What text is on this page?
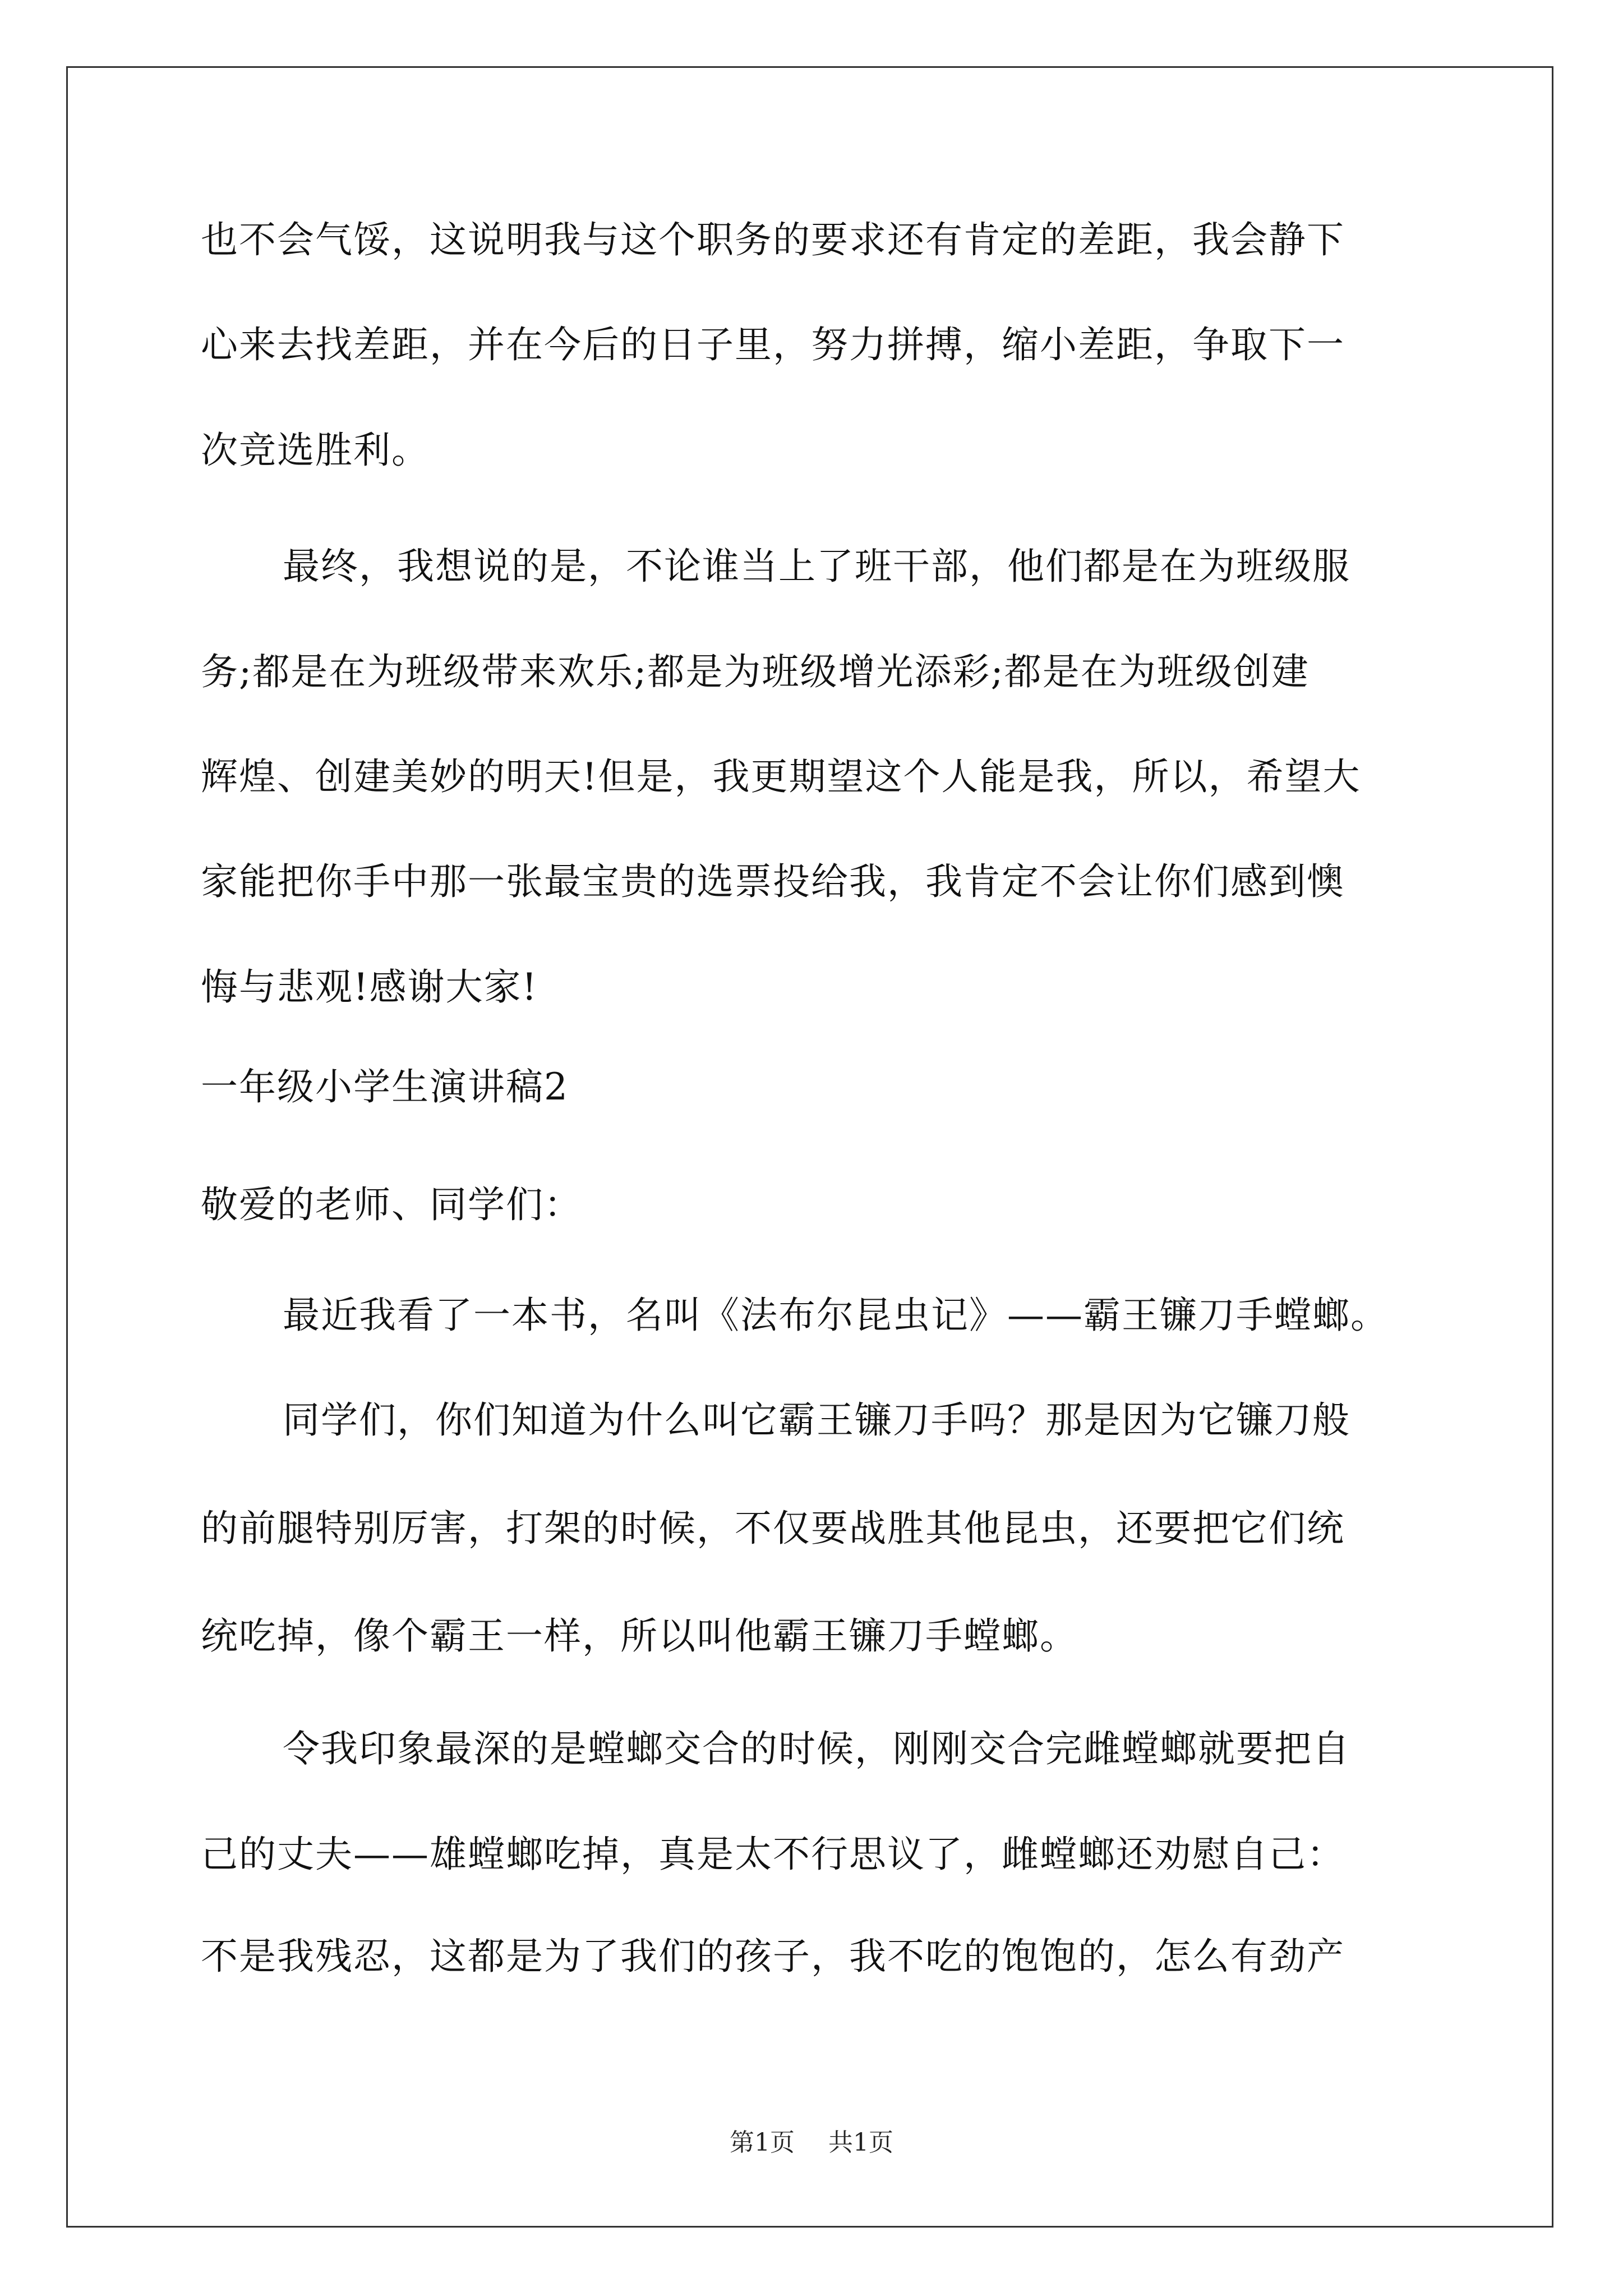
也不会气馁，这说明我与这个职务的要求还有肯定的差距，我会静下
心来去找差距，并在今后的日子里，努力拼搏，缩小差距，争取下一
次竞选胜利。
最终，我想说的是，不论谁当上了班干部，他们都是在为班级服
务;都是在为班级带来欢乐;都是为班级增光添彩;都是在为班级创建
辉煌、创建美妙的明天!但是，我更期望这个人能是我，所以，希望大
家能把你手中那一张最宝贵的选票投给我，我肯定不会让你们感到懊
悔与悲观!感谢大家!
一年级小学生演讲稿2
敬爱的老师、同学们：
最近我看了一本书，名叫《法布尔昆虫记》——霸王镰刀手螳螂。
同学们，你们知道为什么叫它霸王镰刀手吗？那是因为它镰刀般
的前腿特别厉害，打架的时候，不仅要战胜其他昆虫，还要把它们统
统吃掉，像个霸王一样，所以叫他霸王镰刀手螳螂。
令我印象最深的是螳螂交合的时候，刚刚交合完雌螳螂就要把自
己的丈夫——雄螳螂吃掉，真是太不行思议了，雌螳螂还劝慰自己：
不是我残忍，这都是为了我们的孩子，我不吃的饱饱的，怎么有劲产
第1页 共1页
